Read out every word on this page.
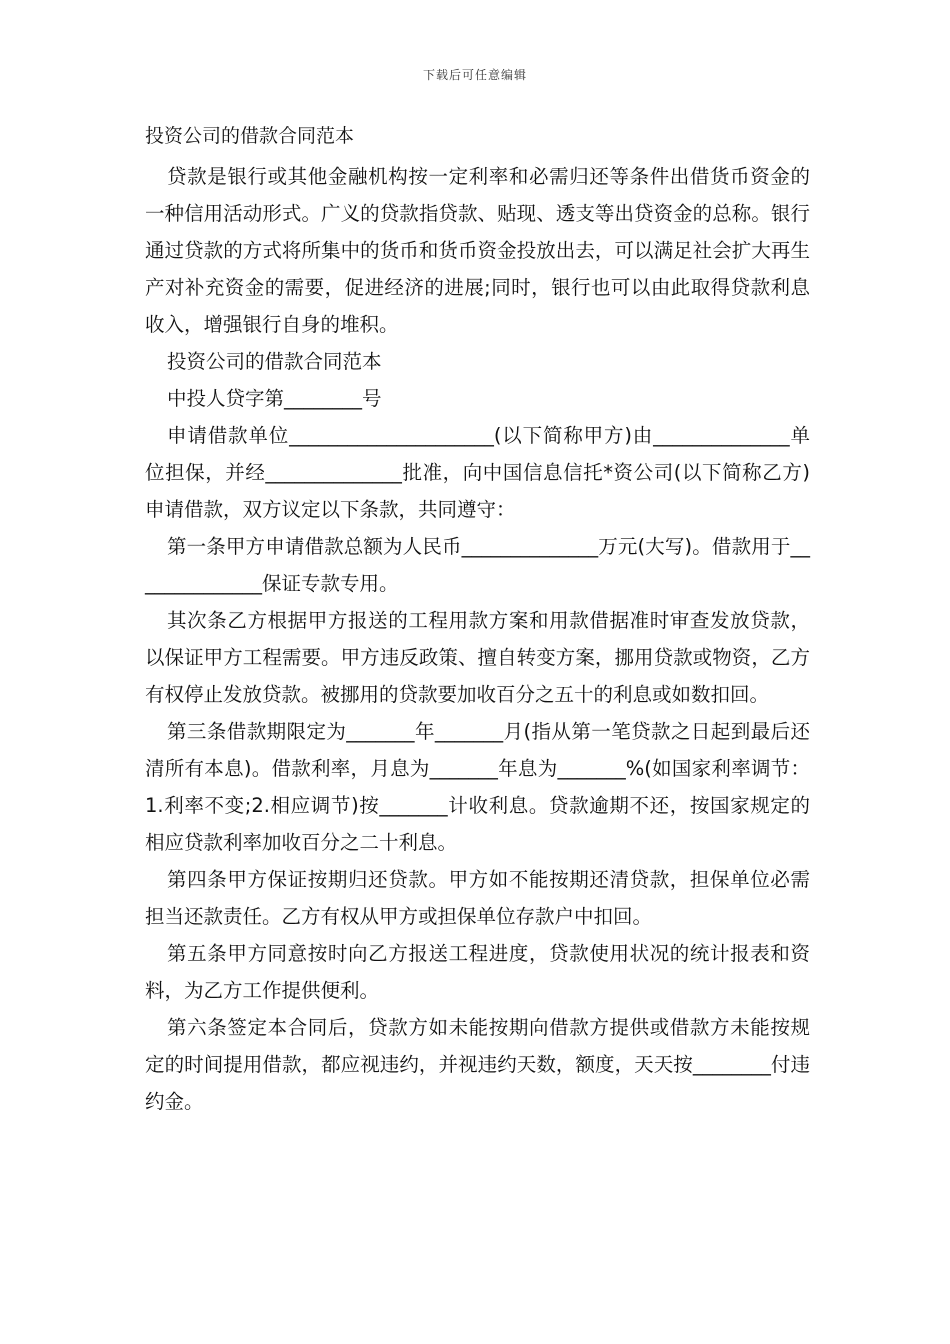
下载后可任意编辑
投资公司的借款合同范本

贷款是银行或其他金融机构按一定利率和必需归还等条件出借货币资金的一种信用活动形式。广义的贷款指贷款、贴现、透支等出贷资金的总称。银行通过贷款的方式将所集中的货币和货币资金投放出去，可以满足社会扩大再生产对补充资金的需要，促进经济的进展;同时，银行也可以由此取得贷款利息收入，增强银行自身的堆积。

投资公司的借款合同范本

中投人贷字第________号

申请借款单位_____________________(以下简称甲方)由______________单位担保，并经______________批准，向中国信息信托*资公司(以下简称乙方)申请借款，双方议定以下条款，共同遵守：

第一条甲方申请借款总额为人民币______________万元(大写)。借款用于______________保证专款专用。

其次条乙方根据甲方报送的工程用款方案和用款借据准时审查发放贷款，以保证甲方工程需要。甲方违反政策、擅自转变方案，挪用贷款或物资，乙方有权停止发放贷款。被挪用的贷款要加收百分之五十的利息或如数扣回。

第三条借款期限定为_______年_______月(指从第一笔贷款之日起到最后还清所有本息)。借款利率，月息为_______年息为_______%(如国家利率调节：1.利率不变;2.相应调节)按_______计收利息。贷款逾期不还，按国家规定的相应贷款利率加收百分之二十利息。

第四条甲方保证按期归还贷款。甲方如不能按期还清贷款，担保单位必需担当还款责任。乙方有权从甲方或担保单位存款户中扣回。

第五条甲方同意按时向乙方报送工程进度，贷款使用状况的统计报表和资料，为乙方工作提供便利。

第六条签定本合同后，贷款方如未能按期向借款方提供或借款方未能按规定的时间提用借款，都应视违约，并视违约天数，额度，天天按________付违约金。
